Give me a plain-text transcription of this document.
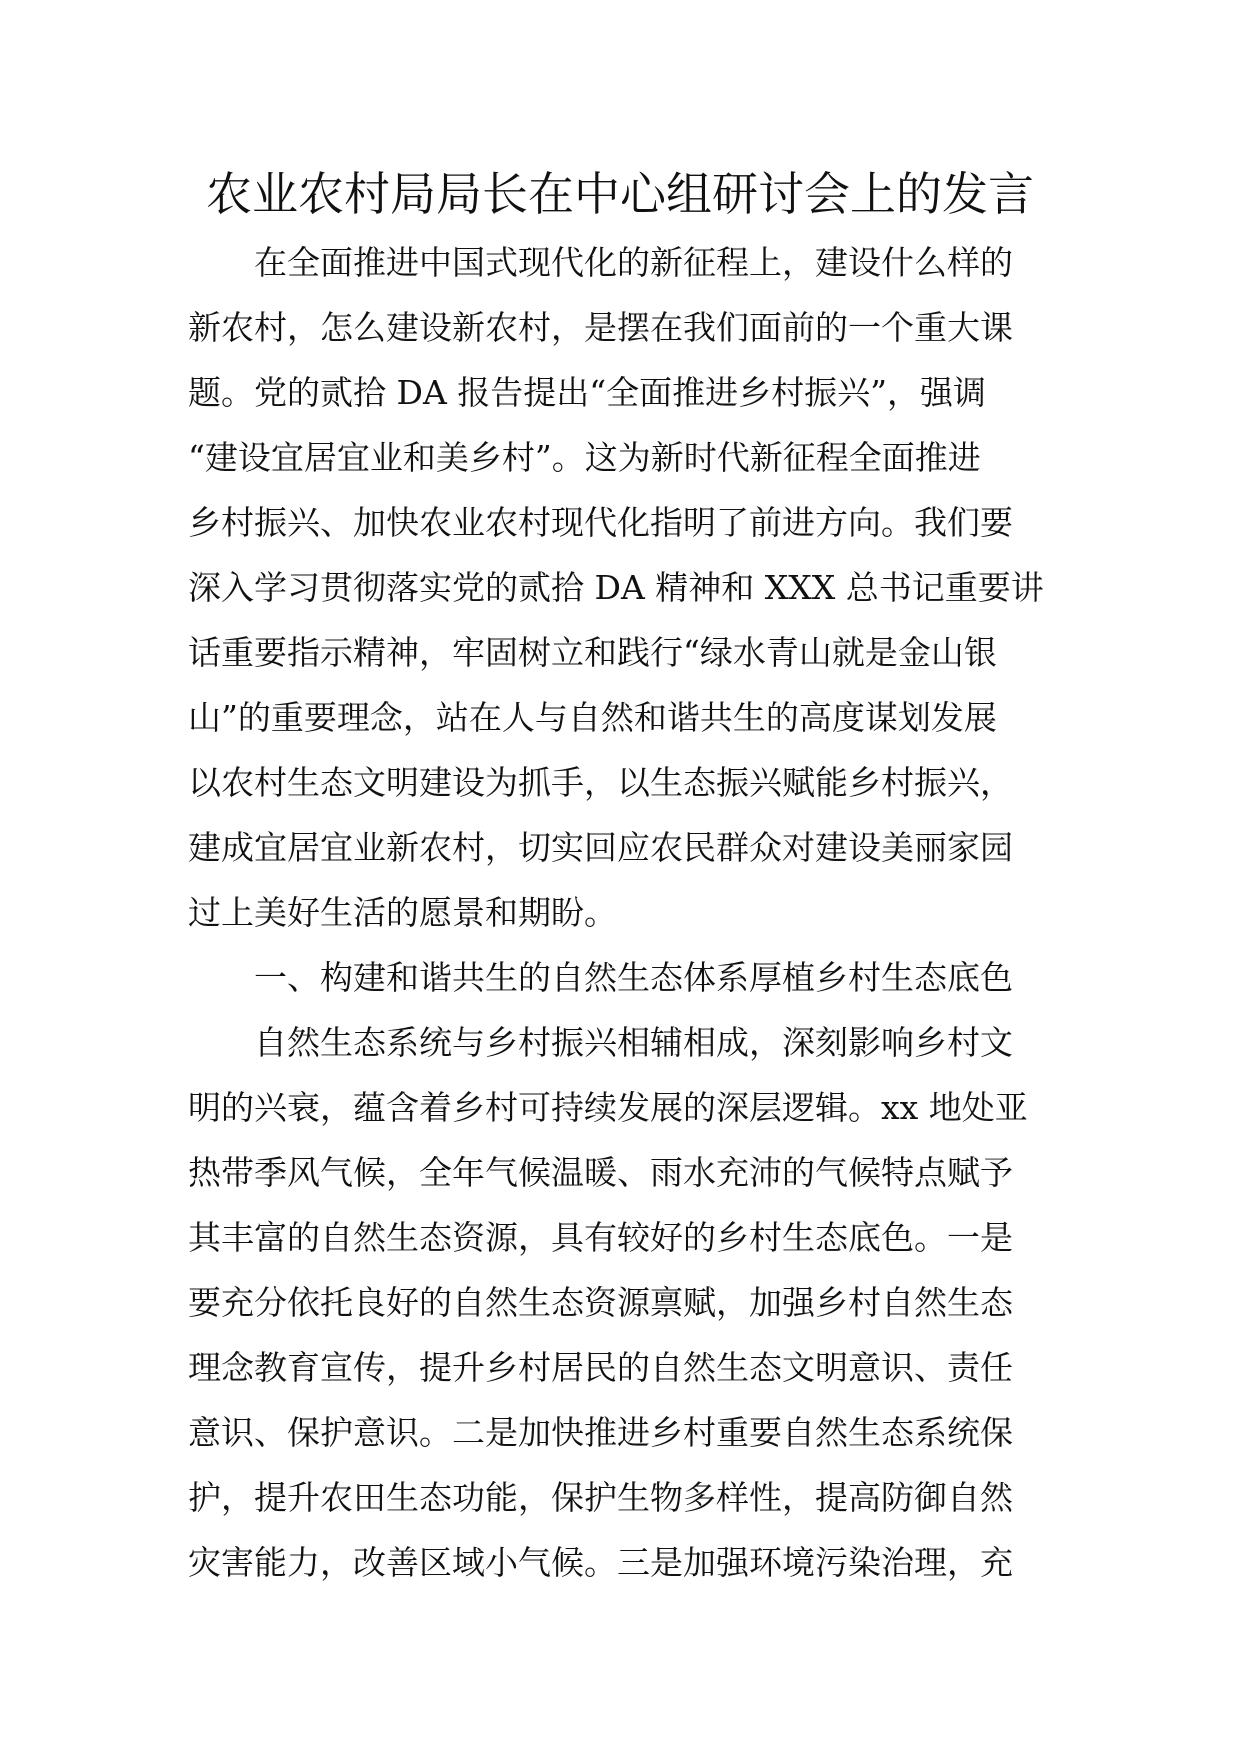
农业农村局局长在中心组研讨会上的发言
在全面推进中国式现代化的新征程上，建设什么样的
新农村，怎么建设新农村，是摆在我们面前的一个重大课
题。党的贰拾 DA 报告提出“全面推进乡村振兴”，强调
“建设宜居宜业和美乡村”。这为新时代新征程全面推进
乡村振兴、加快农业农村现代化指明了前进方向。我们要
深入学习贯彻落实党的贰拾 DA 精神和 XXX 总书记重要讲
话重要指示精神，牢固树立和践行“绿水青山就是金山银
山”的重要理念，站在人与自然和谐共生的高度谋划发展
以农村生态文明建设为抓手，以生态振兴赋能乡村振兴，
建成宜居宜业新农村，切实回应农民群众对建设美丽家园
过上美好生活的愿景和期盼。
一、构建和谐共生的自然生态体系厚植乡村生态底色
自然生态系统与乡村振兴相辅相成，深刻影响乡村文
明的兴衰，蕴含着乡村可持续发展的深层逻辑。xx 地处亚
热带季风气候，全年气候温暖、雨水充沛的气候特点赋予
其丰富的自然生态资源，具有较好的乡村生态底色。一是
要充分依托良好的自然生态资源禀赋，加强乡村自然生态
理念教育宣传，提升乡村居民的自然生态文明意识、责任
意识、保护意识。二是加快推进乡村重要自然生态系统保
护，提升农田生态功能，保护生物多样性，提高防御自然
灾害能力，改善区域小气候。三是加强环境污染治理，充
